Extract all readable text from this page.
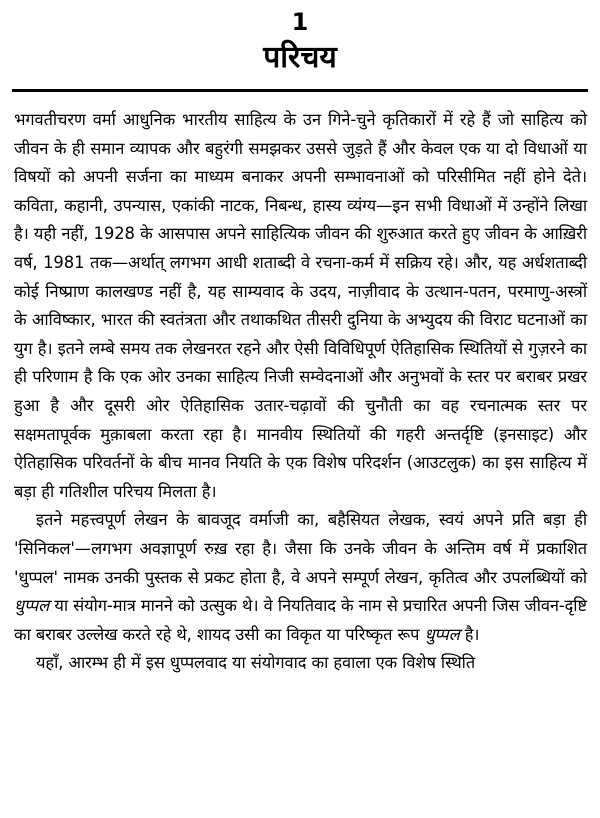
1
परिचय

भगवतीचरण वर्मा आधुनिक भारतीय साहित्य के उन गिने-चुने कृतिकारों में रहे हैं जो साहित्य को जीवन के ही समान व्यापक और बहुरंगी समझकर उससे जुड़ते हैं और केवल एक या दो विधाओं या विषयों को अपनी सर्जना का माध्यम बनाकर अपनी सम्भावनाओं को परिसीमित नहीं होने देते। कविता, कहानी, उपन्यास, एकांकी नाटक, निबन्ध, हास्य व्यंग्य—इन सभी विधाओं में उन्होंने लिखा है। यही नहीं, 1928 के आसपास अपने साहित्यिक जीवन की शुरुआत करते हुए जीवन के आख़िरी वर्ष, 1981 तक—अर्थात् लगभग आधी शताब्दी वे रचना-कर्म में सक्रिय रहे। और, यह अर्धशताब्दी कोई निष्प्राण कालखण्ड नहीं है, यह साम्यवाद के उदय, नाज़ीवाद के उत्थान-पतन, परमाणु-अस्त्रों के आविष्कार, भारत की स्वतंत्रता और तथाकथित तीसरी दुनिया के अभ्युदय की विराट घटनाओं का युग है। इतने लम्बे समय तक लेखनरत रहने और ऐसी विविधिपूर्ण ऐतिहासिक स्थितियों से गुज़रने का ही परिणाम है कि एक ओर उनका साहित्य निजी सम्वेदनाओं और अनुभवों के स्तर पर बराबर प्रखर हुआ है और दूसरी ओर ऐतिहासिक उतार-चढ़ावों की चुनौती का वह रचनात्मक स्तर पर सक्षमतापूर्वक मुक़ाबला करता रहा है। मानवीय स्थितियों की गहरी अन्तर्दृष्टि (इनसाइट) और ऐतिहासिक परिवर्तनों के बीच मानव नियति के एक विशेष परिदर्शन (आउटलुक) का इस साहित्य में बड़ा ही गतिशील परिचय मिलता है।

इतने महत्त्वपूर्ण लेखन के बावजूद वर्माजी का, बहैसियत लेखक, स्वयं अपने प्रति बड़ा ही 'सिनिकल'—लगभग अवज्ञापूर्ण रुख़ रहा है। जैसा कि उनके जीवन के अन्तिम वर्ष में प्रकाशित 'धुप्पल' नामक उनकी पुस्तक से प्रकट होता है, वे अपने सम्पूर्ण लेखन, कृतित्व और उपलब्धियों को धुप्पल या संयोग-मात्र मानने को उत्सुक थे। वे नियतिवाद के नाम से प्रचारित अपनी जिस जीवन-दृष्टि का बराबर उल्लेख करते रहे थे, शायद उसी का विकृत या परिष्कृत रूप धुप्पल है।

यहाँ, आरम्भ ही में इस धुप्पलवाद या संयोगवाद का हवाला एक विशेष स्थिति
